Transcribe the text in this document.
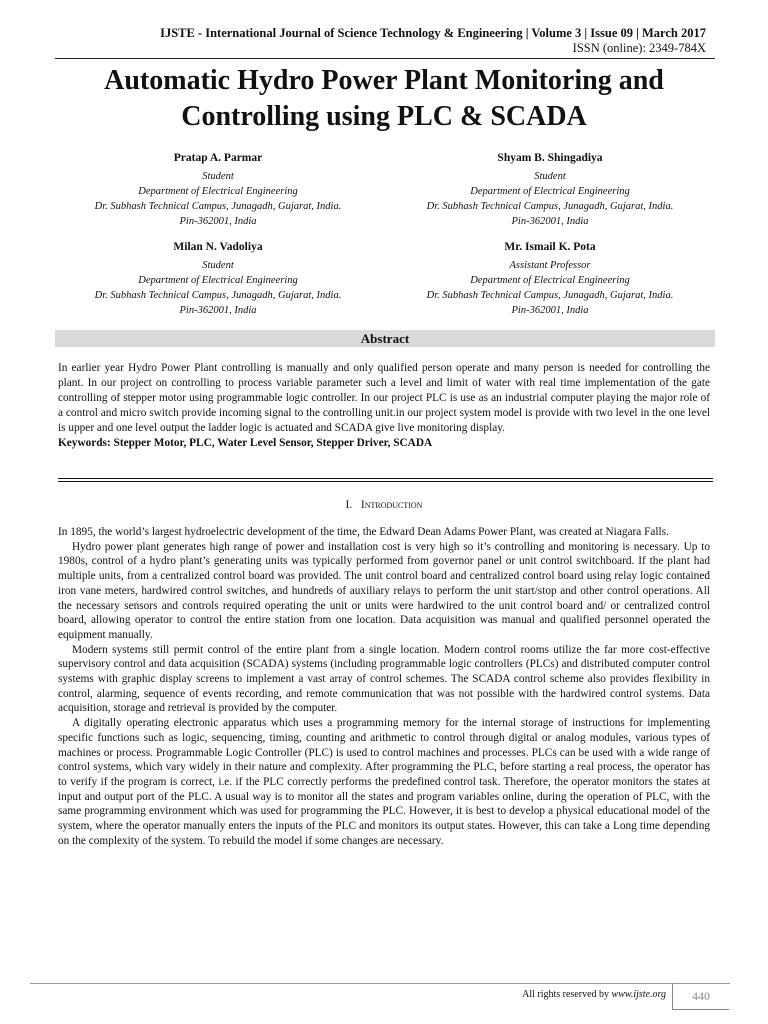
IJSTE - International Journal of Science Technology & Engineering | Volume 3 | Issue 09 | March 2017
ISSN (online): 2349-784X
Automatic Hydro Power Plant Monitoring and Controlling using PLC & SCADA
Pratap A. Parmar
Student
Department of Electrical Engineering
Dr. Subhash Technical Campus, Junagadh, Gujarat, India.
Pin-362001, India
Shyam B. Shingadiya
Student
Department of Electrical Engineering
Dr. Subhash Technical Campus, Junagadh, Gujarat, India.
Pin-362001, India
Milan N. Vadoliya
Student
Department of Electrical Engineering
Dr. Subhash Technical Campus, Junagadh, Gujarat, India.
Pin-362001, India
Mr. Ismail K. Pota
Assistant Professor
Department of Electrical Engineering
Dr. Subhash Technical Campus, Junagadh, Gujarat, India.
Pin-362001, India
Abstract
In earlier year Hydro Power Plant controlling is manually and only qualified person operate and many person is needed for controlling the plant. In our project on controlling to process variable parameter such a level and limit of water with real time implementation of the gate controlling of stepper motor using programmable logic controller. In our project PLC is use as an industrial computer playing the major role of a control and micro switch provide incoming signal to the controlling unit.in our project system model is provide with two level in the one level is upper and one level output the ladder logic is actuated and SCADA give live monitoring display.
Keywords: Stepper Motor, PLC, Water Level Sensor, Stepper Driver, SCADA
I. Introduction

In 1895, the world’s largest hydroelectric development of the time, the Edward Dean Adams Power Plant, was created at Niagara Falls.

Hydro power plant generates high range of power and installation cost is very high so it’s controlling and monitoring is necessary. Up to 1980s, control of a hydro plant’s generating units was typically performed from governor panel or unit control switchboard. If the plant had multiple units, from a centralized control board was provided. The unit control board and centralized control board using relay logic contained iron vane meters, hardwired control switches, and hundreds of auxiliary relays to perform the unit start/stop and other control operations. All the necessary sensors and controls required operating the unit or units were hardwired to the unit control board and/ or centralized control board, allowing operator to control the entire station from one location. Data acquisition was manual and qualified personnel operated the equipment manually.

Modern systems still permit control of the entire plant from a single location. Modern control rooms utilize the far more cost-effective supervisory control and data acquisition (SCADA) systems (including programmable logic controllers (PLCs) and distributed computer control systems with graphic display screens to implement a vast array of control schemes. The SCADA control scheme also provides flexibility in control, alarming, sequence of events recording, and remote communication that was not possible with the hardwired control systems. Data acquisition, storage and retrieval is provided by the computer.

A digitally operating electronic apparatus which uses a programming memory for the internal storage of instructions for implementing specific functions such as logic, sequencing, timing, counting and arithmetic to control through digital or analog modules, various types of machines or process. Programmable Logic Controller (PLC) is used to control machines and processes. PLCs can be used with a wide range of control systems, which vary widely in their nature and complexity. After programming the PLC, before starting a real process, the operator has to verify if the program is correct, i.e. if the PLC correctly performs the predefined control task. Therefore, the operator monitors the states at input and output port of the PLC. A usual way is to monitor all the states and program variables online, during the operation of PLC, with the same programming environment which was used for programming the PLC. However, it is best to develop a physical educational model of the system, where the operator manually enters the inputs of the PLC and monitors its output states. However, this can take a Long time depending on the complexity of the system. To rebuild the model if some changes are necessary.

All rights reserved by www.ijste.org	440
